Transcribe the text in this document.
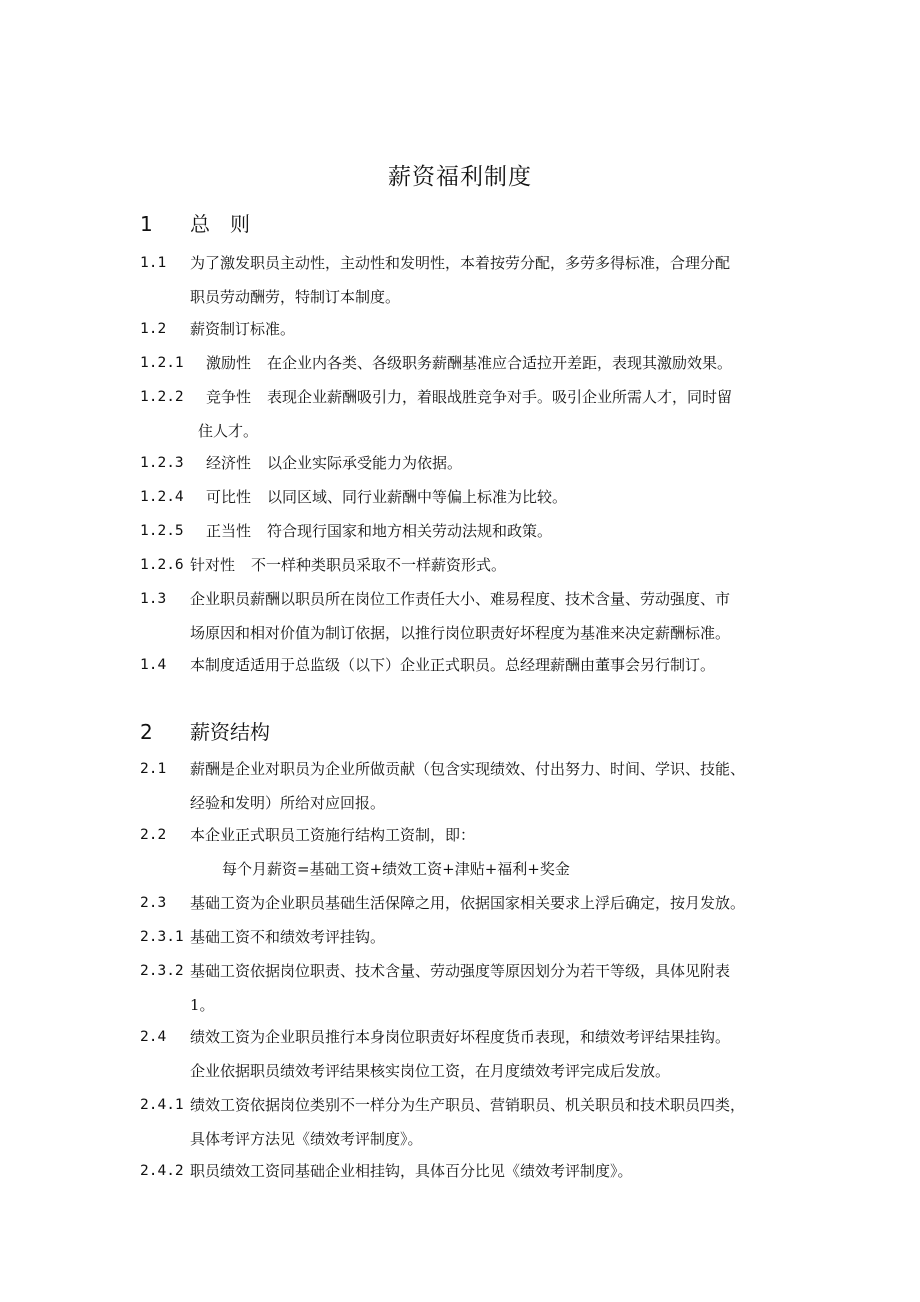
薪资福利制度
1 总　则
1.1 为了激发职员主动性，主动性和发明性，本着按劳分配，多劳多得标准，合理分配
职员劳动酬劳，特制订本制度。
1.2 薪资制订标准。
1.2.1 激励性 在企业内各类、各级职务薪酬基准应合适拉开差距，表现其激励效果。
1.2.2 竞争性 表现企业薪酬吸引力，着眼战胜竞争对手。吸引企业所需人才，同时留
住人才。
1.2.3 经济性 以企业实际承受能力为依据。
1.2.4 可比性 以同区域、同行业薪酬中等偏上标准为比较。
1.2.5 正当性 符合现行国家和地方相关劳动法规和政策。
1.2.6 针对性 不一样种类职员采取不一样薪资形式。
1.3 企业职员薪酬以职员所在岗位工作责任大小、难易程度、技术含量、劳动强度、市
场原因和相对价值为制订依据，以推行岗位职责好坏程度为基准来决定薪酬标准。
1.4 本制度适适用于总监级（以下）企业正式职员。总经理薪酬由董事会另行制订。
2 薪资结构
2.1 薪酬是企业对职员为企业所做贡献（包含实现绩效、付出努力、时间、学识、技能、
经验和发明）所给对应回报。
2.2 本企业正式职员工资施行结构工资制，即：
每个月薪资=基础工资+绩效工资+津贴+福利+奖金
2.3 基础工资为企业职员基础生活保障之用，依据国家相关要求上浮后确定，按月发放。
2.3.1 基础工资不和绩效考评挂钩。
2.3.2 基础工资依据岗位职责、技术含量、劳动强度等原因划分为若干等级，具体见附表
1。
2.4 绩效工资为企业职员推行本身岗位职责好坏程度货币表现，和绩效考评结果挂钩。
企业依据职员绩效考评结果核实岗位工资，在月度绩效考评完成后发放。
2.4.1 绩效工资依据岗位类别不一样分为生产职员、营销职员、机关职员和技术职员四类，
具体考评方法见《绩效考评制度》。
2.4.2 职员绩效工资同基础企业相挂钩，具体百分比见《绩效考评制度》。
